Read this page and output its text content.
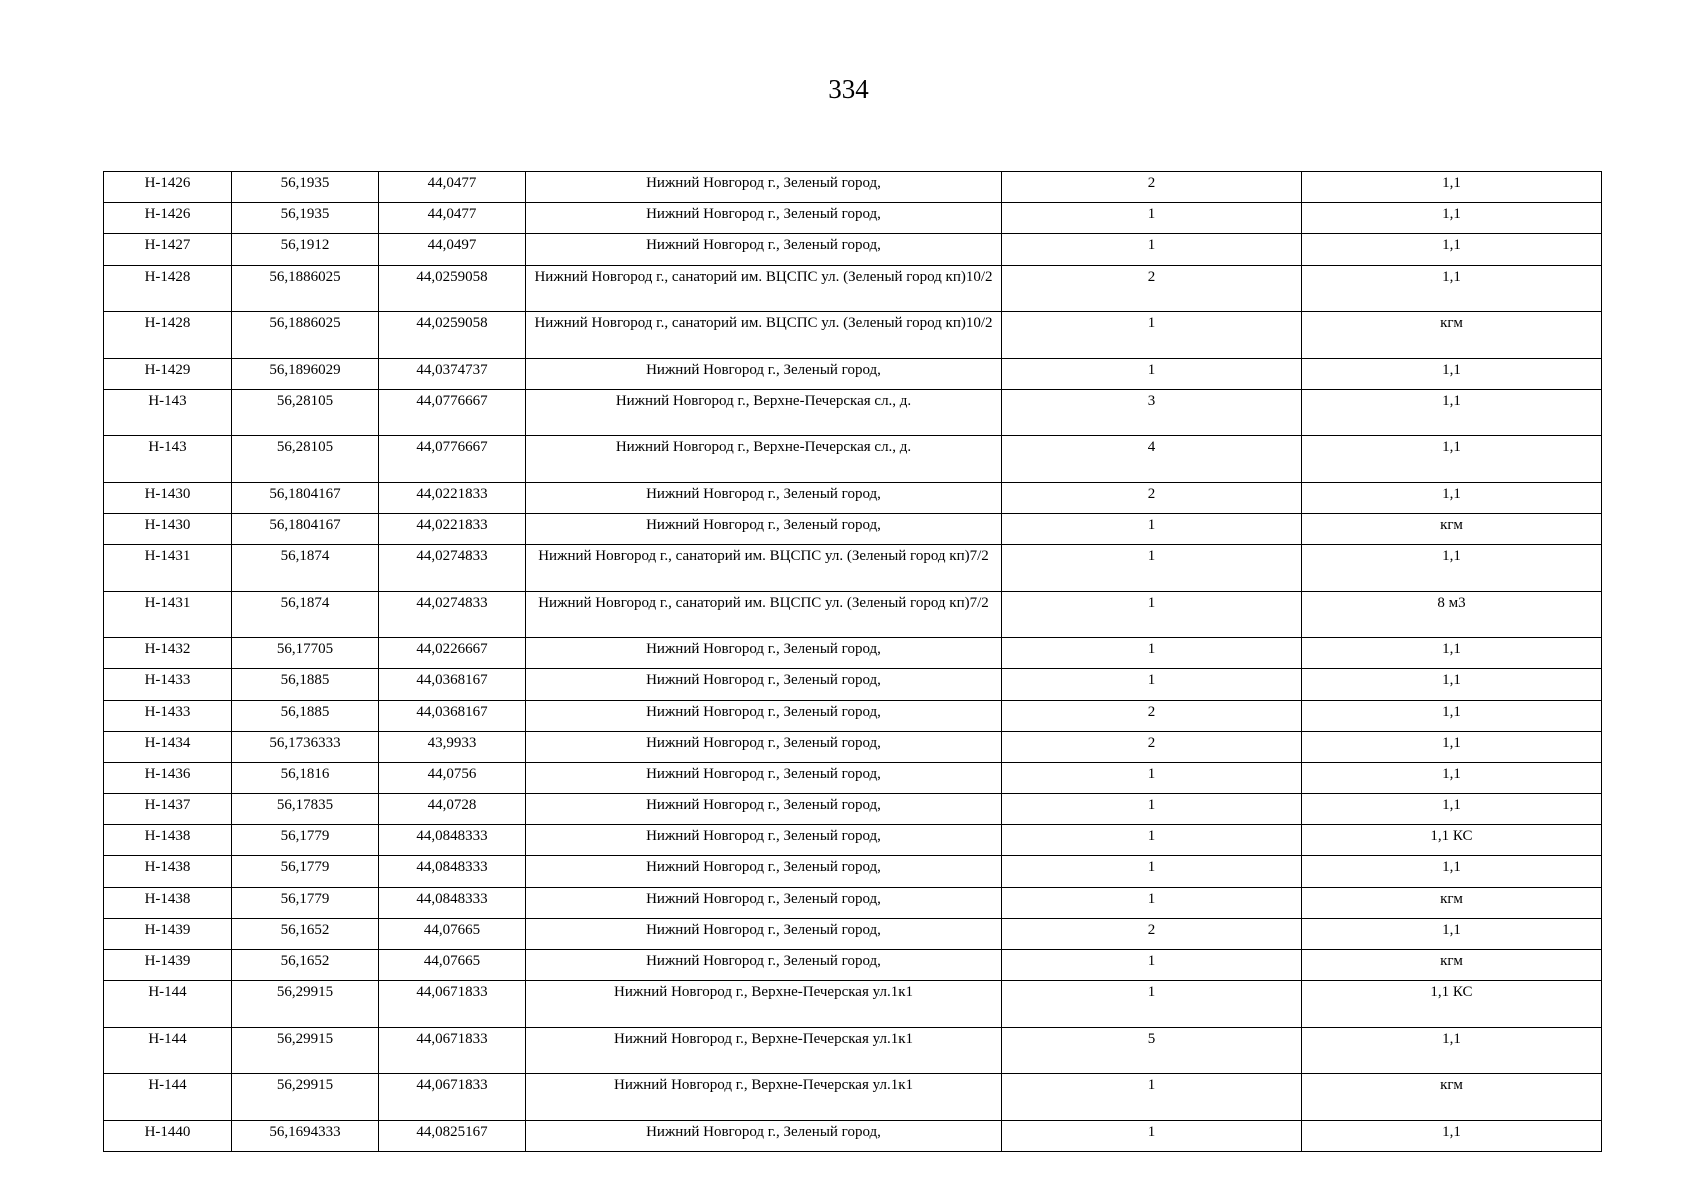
334
Н-1426	56,1935	44,0477	Нижний Новгород г., Зеленый город,	2	1,1
Н-1426	56,1935	44,0477	Нижний Новгород г., Зеленый город,	1	1,1
Н-1427	56,1912	44,0497	Нижний Новгород г., Зеленый город,	1	1,1
Н-1428	56,1886025	44,0259058	Нижний Новгород г., санаторий им. ВЦСПС ул. (Зеленый город кп)10/2	2	1,1
Н-1428	56,1886025	44,0259058	Нижний Новгород г., санаторий им. ВЦСПС ул. (Зеленый город кп)10/2	1	кгм
Н-1429	56,1896029	44,0374737	Нижний Новгород г., Зеленый город,	1	1,1
Н-143	56,28105	44,0776667	Нижний Новгород г., Верхне-Печерская сл., д.	3	1,1
Н-143	56,28105	44,0776667	Нижний Новгород г., Верхне-Печерская сл., д.	4	1,1
Н-1430	56,1804167	44,0221833	Нижний Новгород г., Зеленый город,	2	1,1
Н-1430	56,1804167	44,0221833	Нижний Новгород г., Зеленый город,	1	кгм
Н-1431	56,1874	44,0274833	Нижний Новгород г., санаторий им. ВЦСПС ул. (Зеленый город кп)7/2	1	1,1
Н-1431	56,1874	44,0274833	Нижний Новгород г., санаторий им. ВЦСПС ул. (Зеленый город кп)7/2	1	8 м3
Н-1432	56,17705	44,0226667	Нижний Новгород г., Зеленый город,	1	1,1
Н-1433	56,1885	44,0368167	Нижний Новгород г., Зеленый город,	1	1,1
Н-1433	56,1885	44,0368167	Нижний Новгород г., Зеленый город,	2	1,1
Н-1434	56,1736333	43,9933	Нижний Новгород г., Зеленый город,	2	1,1
Н-1436	56,1816	44,0756	Нижний Новгород г., Зеленый город,	1	1,1
Н-1437	56,17835	44,0728	Нижний Новгород г., Зеленый город,	1	1,1
Н-1438	56,1779	44,0848333	Нижний Новгород г., Зеленый город,	1	1,1 КС
Н-1438	56,1779	44,0848333	Нижний Новгород г., Зеленый город,	1	1,1
Н-1438	56,1779	44,0848333	Нижний Новгород г., Зеленый город,	1	кгм
Н-1439	56,1652	44,07665	Нижний Новгород г., Зеленый город,	2	1,1
Н-1439	56,1652	44,07665	Нижний Новгород г., Зеленый город,	1	кгм
Н-144	56,29915	44,0671833	Нижний Новгород г., Верхне-Печерская ул.1к1	1	1,1 КС
Н-144	56,29915	44,0671833	Нижний Новгород г., Верхне-Печерская ул.1к1	5	1,1
Н-144	56,29915	44,0671833	Нижний Новгород г., Верхне-Печерская ул.1к1	1	кгм
Н-1440	56,1694333	44,0825167	Нижний Новгород г., Зеленый город,	1	1,1
